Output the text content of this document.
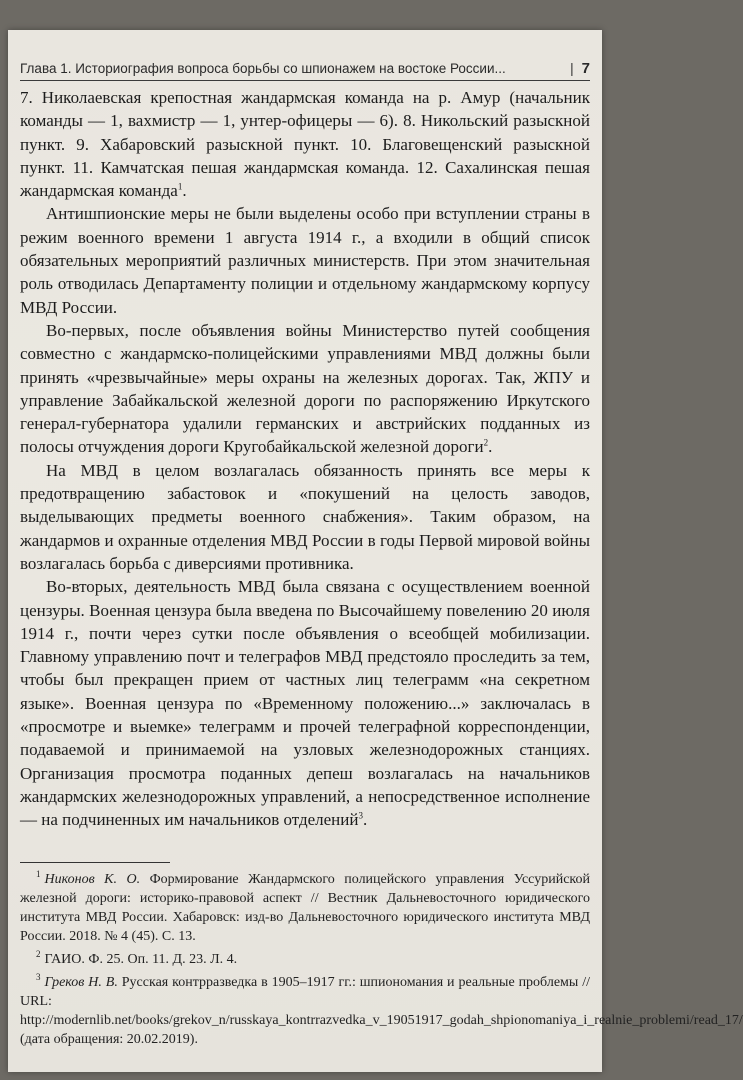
Глава 1. Историография вопроса борьбы со шпионажем на востоке России...	| 7

7. Николаевская крепостная жандармская команда на р. Амур (начальник команды — 1, вахмистр — 1, унтер-офицеры — 6). 8. Никольский разыскной пункт. 9. Хабаровский разыскной пункт. 10. Благовещенский разыскной пункт. 11. Камчатская пешая жандармская команда. 12. Сахалинская пешая жандармская команда$^1$.

Антишпионские меры не были выделены особо при вступлении страны в режим военного времени 1 августа 1914 г., а входили в общий список обязательных мероприятий различных министерств. При этом значительная роль отводилась Департаменту полиции и отдельному жандармскому корпусу МВД России.

Во-первых, после объявления войны Министерство путей сообщения совместно с жандармско-полицейскими управлениями МВД должны были принять «чрезвычайные» меры охраны на железных дорогах. Так, ЖПУ и управление Забайкальской железной дороги по распоряжению Иркутского генерал-губернатора удалили германских и австрийских подданных из полосы отчуждения дороги Кругобайкальской железной дороги$^2$.

На МВД в целом возлагалась обязанность принять все меры к предотвращению забастовок и «покушений на целость заводов, выделывающих предметы военного снабжения». Таким образом, на жандармов и охранные отделения МВД России в годы Первой мировой войны возлагалась борьба с диверсиями противника.

Во-вторых, деятельность МВД была связана с осуществлением военной цензуры. Военная цензура была введена по Высочайшему повелению 20 июля 1914 г., почти через сутки после объявления о всеобщей мобилизации. Главному управлению почт и телеграфов МВД предстояло проследить за тем, чтобы был прекращен прием от частных лиц телеграмм «на секретном языке». Военная цензура по «Временному положению...» заключалась в «просмотре и выемке» телеграмм и прочей телеграфной корреспонденции, подаваемой и принимаемой на узловых железнодорожных станциях. Организация просмотра поданных депеш возлагалась на начальников жандармских железнодорожных управлений, а непосредственное исполнение — на подчиненных им начальников отделений$^3$.

$^1$ Никонов К. О. Формирование Жандармского полицейского управления Уссурийской железной дороги: историко-правовой аспект // Вестник Дальневосточного юридического института МВД России. Хабаровск: изд-во Дальневосточного юридического института МВД России. 2018. № 4 (45). С. 13.

$^2$ ГАИО. Ф. 25. Оп. 11. Д. 23. Л. 4.

$^3$ Греков Н. В. Русская контрразведка в 1905–1917 гг.: шпиономания и реальные проблемы // URL: http://modernlib.net/books/grekov_n/russkaya_kontrrazvedka_v_19051917_godah_shpionomaniya_i_realnie_problemi/read_17/ (дата обращения: 20.02.2019).
